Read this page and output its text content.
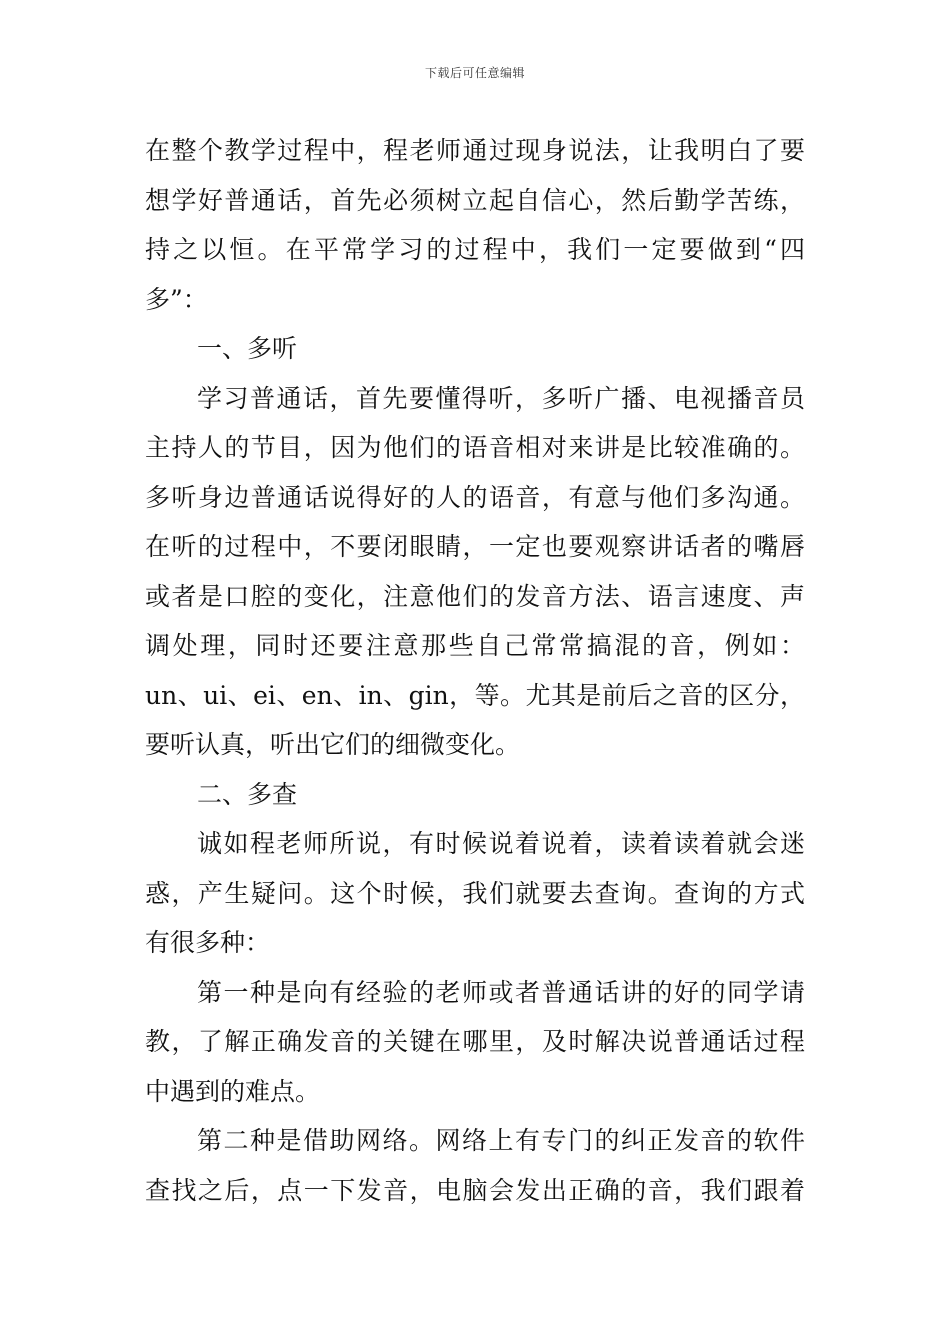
下载后可任意编辑
在整个教学过程中，程老师通过现身说法，让我明白了要
想学好普通话，首先必须树立起自信心，然后勤学苦练，
持之以恒。在平常学习的过程中，我们一定要做到“四
多”：
一、多听
学习普通话，首先要懂得听，多听广播、电视播音员
主持人的节目，因为他们的语音相对来讲是比较准确的。
多听身边普通话说得好的人的语音，有意与他们多沟通。
在听的过程中，不要闭眼睛，一定也要观察讲话者的嘴唇
或者是口腔的变化，注意他们的发音方法、语言速度、声
调处理，同时还要注意那些自己常常搞混的音，例如：
un、ui、ei、en、in、gin，等。尤其是前后之音的区分，
要听认真，听出它们的细微变化。
二、多查
诚如程老师所说，有时候说着说着，读着读着就会迷
惑，产生疑问。这个时候，我们就要去查询。查询的方式
有很多种：
第一种是向有经验的老师或者普通话讲的好的同学请
教，了解正确发音的关键在哪里，及时解决说普通话过程
中遇到的难点。
第二种是借助网络。网络上有专门的纠正发音的软件
查找之后，点一下发音，电脑会发出正确的音，我们跟着
